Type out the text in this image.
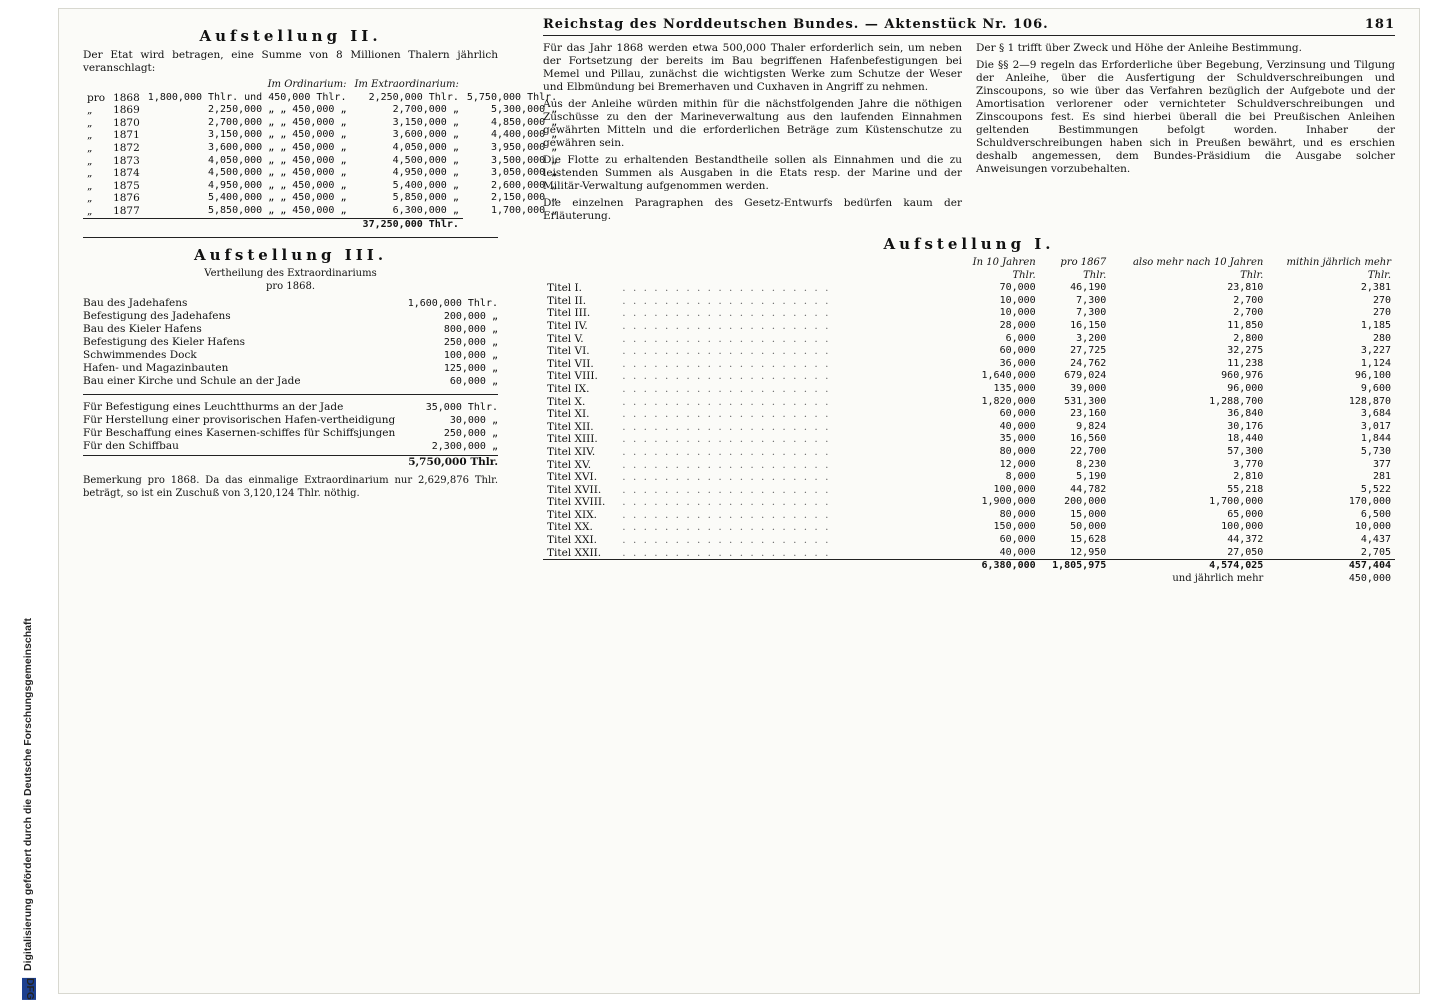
DFG Digitalisierung gefördert durch die Deutsche Forschungsgemeinschaft
Aufstellung II.

Der Etat wird betragen, eine Summe von 8 Millionen Thalern jährlich veranschlagt:

		Im Ordinarium:	Im Extraordinarium:	
pro	1868	1,800,000 Thlr. und 450,000 Thlr.	2,250,000 Thlr.	5,750,000 Thlr.
„	1869	2,250,000 „ „ 450,000 „	2,700,000 „	5,300,000 „
„	1870	2,700,000 „ „ 450,000 „	3,150,000 „	4,850,000 „
„	1871	3,150,000 „ „ 450,000 „	3,600,000 „	4,400,000 „
„	1872	3,600,000 „ „ 450,000 „	4,050,000 „	3,950,000 „
„	1873	4,050,000 „ „ 450,000 „	4,500,000 „	3,500,000 „
„	1874	4,500,000 „ „ 450,000 „	4,950,000 „	3,050,000 „
„	1875	4,950,000 „ „ 450,000 „	5,400,000 „	2,600,000 „
„	1876	5,400,000 „ „ 450,000 „	5,850,000 „	2,150,000 „
„	1877	5,850,000 „ „ 450,000 „	6,300,000 „	1,700,000 „
			37,250,000 Thlr.	
Aufstellung III.
Vertheilung des Extraordinariums
pro 1868.
Bau des Jadehafens	1,600,000 Thlr.
Befestigung des Jadehafens	200,000 „
Bau des Kieler Hafens	800,000 „
Befestigung des Kieler Hafens	250,000 „
Schwimmendes Dock	100,000 „
Hafen- und Magazinbauten	125,000 „
Bau einer Kirche und Schule an der Jade	60,000 „
Für Befestigung eines Leuchtthurms an der Jade	35,000 Thlr.
Für Herstellung einer provisorischen Hafen-vertheidigung	30,000 „
Für Beschaffung eines Kasernen-schiffes für Schiffsjungen	250,000 „
Für den Schiffbau	2,300,000 „
5,750,000 Thlr.

Bemerkung pro 1868. Da das einmalige Extraordinarium nur 2,629,876 Thlr. beträgt, so ist ein Zuschuß von 3,120,124 Thlr. nöthig.

Reichstag des Norddeutschen Bundes. — Aktenstück Nr. 106.	181

Für das Jahr 1868 werden etwa 500,000 Thaler erforderlich sein, um neben der Fortsetzung der bereits im Bau begriffenen Hafenbefestigungen bei Memel und Pillau, zunächst die wichtigsten Werke zum Schutze der Weser und Elbmündung bei Bremerhaven und Cuxhaven in Angriff zu nehmen.

Aus der Anleihe würden mithin für die nächstfolgenden Jahre die nöthigen Zuschüsse zu den der Marineverwaltung aus den laufenden Einnahmen gewährten Mitteln und die erforderlichen Beträge zum Küstenschutze zu gewähren sein.

Die Flotte zu erhaltenden Bestandtheile sollen als Einnahmen und die zu leistenden Summen als Ausgaben in die Etats resp. der Marine und der Militär-Verwaltung aufgenommen werden.

Die einzelnen Paragraphen des Gesetz-Entwurfs bedürfen kaum der Erläuterung.

Der § 1 trifft über Zweck und Höhe der Anleihe Bestimmung.

Die §§ 2—9 regeln das Erforderliche über Begebung, Verzinsung und Tilgung der Anleihe, über die Ausfertigung der Schuldverschreibungen und Zinscoupons, so wie über das Verfahren bezüglich der Aufgebote und der Amortisation verlorener oder vernichteter Schuldverschreibungen und Zinscoupons fest. Es sind hierbei überall die bei Preußischen Anleihen geltenden Bestimmungen befolgt worden. Inhaber der Schuldverschreibungen haben sich in Preußen bewährt, und es erschien deshalb angemessen, dem Bundes-Präsidium die Ausgabe solcher Anweisungen vorzubehalten.

Aufstellung I.
		In 10 Jahren	pro 1867	also mehr nach 10 Jahren	mithin jährlich mehr
		Thlr.	Thlr.	Thlr.	Thlr.
Titel I.	. . . . . . . . . . . . . . . . . . . .	70,000	46,190	23,810	2,381
Titel II.	. . . . . . . . . . . . . . . . . . . .	10,000	7,300	2,700	270
Titel III.	. . . . . . . . . . . . . . . . . . . .	10,000	7,300	2,700	270
Titel IV.	. . . . . . . . . . . . . . . . . . . .	28,000	16,150	11,850	1,185
Titel V.	. . . . . . . . . . . . . . . . . . . .	6,000	3,200	2,800	280
Titel VI.	. . . . . . . . . . . . . . . . . . . .	60,000	27,725	32,275	3,227
Titel VII.	. . . . . . . . . . . . . . . . . . . .	36,000	24,762	11,238	1,124
Titel VIII.	. . . . . . . . . . . . . . . . . . . .	1,640,000	679,024	960,976	96,100
Titel IX.	. . . . . . . . . . . . . . . . . . . .	135,000	39,000	96,000	9,600
Titel X.	. . . . . . . . . . . . . . . . . . . .	1,820,000	531,300	1,288,700	128,870
Titel XI.	. . . . . . . . . . . . . . . . . . . .	60,000	23,160	36,840	3,684
Titel XII.	. . . . . . . . . . . . . . . . . . . .	40,000	9,824	30,176	3,017
Titel XIII.	. . . . . . . . . . . . . . . . . . . .	35,000	16,560	18,440	1,844
Titel XIV.	. . . . . . . . . . . . . . . . . . . .	80,000	22,700	57,300	5,730
Titel XV.	. . . . . . . . . . . . . . . . . . . .	12,000	8,230	3,770	377
Titel XVI.	. . . . . . . . . . . . . . . . . . . .	8,000	5,190	2,810	281
Titel XVII.	. . . . . . . . . . . . . . . . . . . .	100,000	44,782	55,218	5,522
Titel XVIII.	. . . . . . . . . . . . . . . . . . . .	1,900,000	200,000	1,700,000	170,000
Titel XIX.	. . . . . . . . . . . . . . . . . . . .	80,000	15,000	65,000	6,500
Titel XX.	. . . . . . . . . . . . . . . . . . . .	150,000	50,000	100,000	10,000
Titel XXI.	. . . . . . . . . . . . . . . . . . . .	60,000	15,628	44,372	4,437
Titel XXII.	. . . . . . . . . . . . . . . . . . . .	40,000	12,950	27,050	2,705
		6,380,000	1,805,975	4,574,025	457,404
				und jährlich mehr	450,000
